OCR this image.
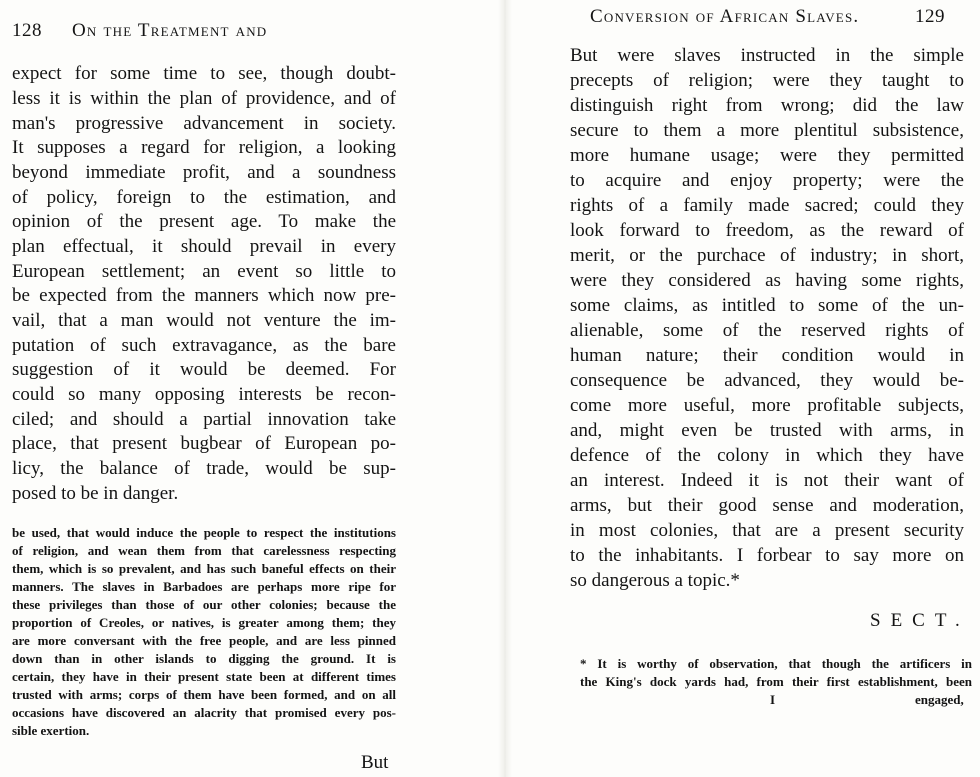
128 On the Treatment and

expect for some time to see, though doubt-

less it is within the plan of providence, and of

man's progressive advancement in society.

It supposes a regard for religion, a looking

beyond immediate profit, and a soundness

of policy, foreign to the estimation, and

opinion of the present age. To make the

plan effectual, it should prevail in every

European settlement; an event so little to

be expected from the manners which now pre-

vail, that a man would not venture the im-

putation of such extravagance, as the bare

suggestion of it would be deemed. For

could so many opposing interests be recon-

ciled; and should a partial innovation take

place, that present bugbear of European po-

licy, the balance of trade, would be sup-

posed to be in danger.

be used, that would induce the people to respect the institutions

of religion, and wean them from that carelessness respecting

them, which is so prevalent, and has such baneful effects on their

manners. The slaves in Barbadoes are perhaps more ripe for

these privileges than those of our other colonies; because the

proportion of Creoles, or natives, is greater among them; they

are more conversant with the free people, and are less pinned

down than in other islands to digging the ground. It is

certain, they have in their present state been at different times

trusted with arms; corps of them have been formed, and on all

occasions have discovered an alacrity that promised every pos-

sible exertion.

But

Conversion of African Slaves.	129

But were slaves instructed in the simple

precepts of religion; were they taught to

distinguish right from wrong; did the law

secure to them a more plentitul subsistence,

more humane usage; were they permitted

to acquire and enjoy property; were the

rights of a family made sacred; could they

look forward to freedom, as the reward of

merit, or the purchace of industry; in short,

were they considered as having some rights,

some claims, as intitled to some of the un-

alienable, some of the reserved rights of

human nature; their condition would in

consequence be advanced, they would be-

come more useful, more profitable subjects,

and, might even be trusted with arms, in

defence of the colony in which they have

an interest. Indeed it is not their want of

arms, but their good sense and moderation,

in most colonies, that are a present security

to the inhabitants. I forbear to say more on

so dangerous a topic.*

SECT.

* It is worthy of observation, that though the artificers in

the King's dock yards had, from their first establishment, been

I	engaged,
